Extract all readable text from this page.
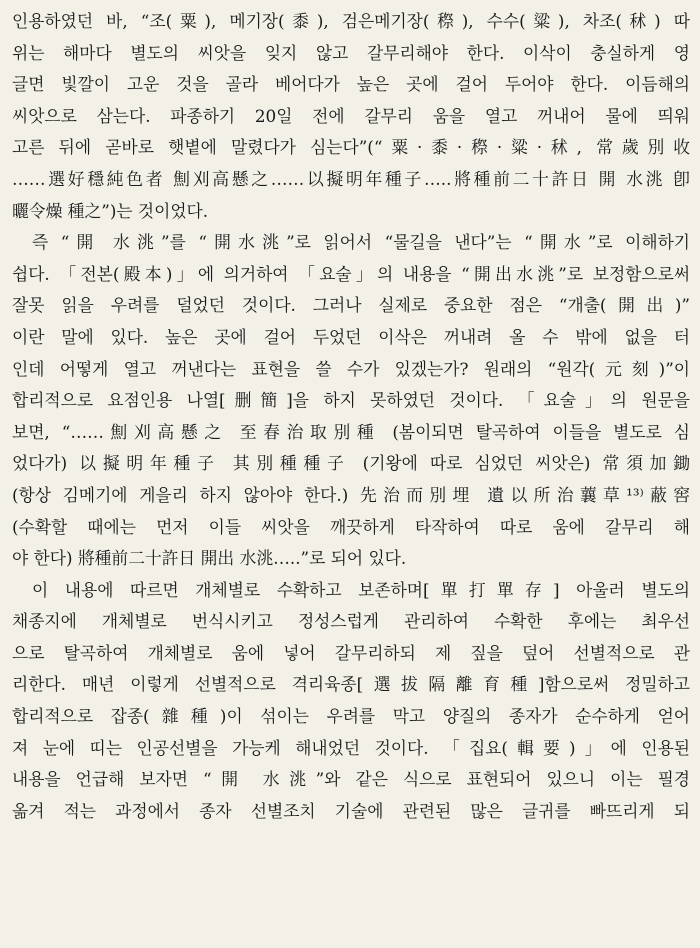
인용하였던 바, “조(粟), 메기장(黍), 검은메기장(穄), 수수(粱), 차조(秫) 따
위는 해마다 별도의 씨앗을 잊지 않고 갈무리해야 한다. 이삭이 충실하게 영
글면 빛깔이 고운 것을 골라 베어다가 높은 곳에 걸어 두어야 한다. 이듬해의
씨앗으로 삼는다. 파종하기 20일 전에 갈무리 움을 열고 꺼내어 물에 띄워
고른 뒤에 곧바로 햇볕에 말렸다가 심는다”(“粟·黍·穄·粱·秫, 常歲別收
……選好穩純色者 劁刈高懸之……以擬明年種子…..將種前二十許日 開 水洮 卽
曬令燥 種之”)는 것이었다.
즉 “開 水洮”를 “開水洮”로 읽어서 “물길을 낸다”는 “開水”로 이해하기
쉽다. 「전본(殿本)」에 의거하여 「요술」의 내용을 “開出水洮”로 보정함으로써
잘못 읽을 우려를 덜었던 것이다. 그러나 실제로 중요한 점은 “개출(開出)”
이란 말에 있다. 높은 곳에 걸어 두었던 이삭은 꺼내려 올 수 밖에 없을 터
인데 어떻게 열고 꺼낸다는 표현을 쓸 수가 있겠는가? 원래의 “원각(元刻)”이
합리적으로 요점인용 나열[删簡]을 하지 못하였던 것이다. 「요술」의 원문을
보면, “……劁刈高懸之 至春治取別種 (봄이되면 탈곡하여 이들을 별도로 심
었다가) 以擬明年種子 其別種種子 (기왕에 따로 심었던 씨앗은) 常須加鋤
(항상 김메기에 게을리 하지 않아야 한다.) 先治而別埋 遺以所治蘘草¹³⁾蔽窖
(수확할 때에는 먼저 이들 씨앗을 깨끗하게 타작하여 따로 움에 갈무리 해
야 한다) 將種前二十許日 開出 水洮…..”로 되어 있다.
이 내용에 따르면 개체별로 수확하고 보존하며[單打單存] 아울러 별도의
채종지에 개체별로 번식시키고 정성스럽게 관리하여 수확한 후에는 최우선
으로 탈곡하여 개체별로 움에 넣어 갈무리하되 제 짚을 덮어 선별적으로 관
리한다. 매년 이렇게 선별적으로 격리육종[選拔隔離育種]함으로써 정밀하고
합리적으로 잡종(雜種)이 섞이는 우려를 막고 양질의 종자가 순수하게 얻어
져 눈에 띠는 인공선별을 가능케 해내었던 것이다. 「집요(輯要)」에 인용된
내용을 언급해 보자면 “開 水洮”와 같은 식으로 표현되어 있으니 이는 필경
옮겨 적는 과정에서 종자 선별조치 기술에 관련된 많은 글귀를 빠뜨리게 되
